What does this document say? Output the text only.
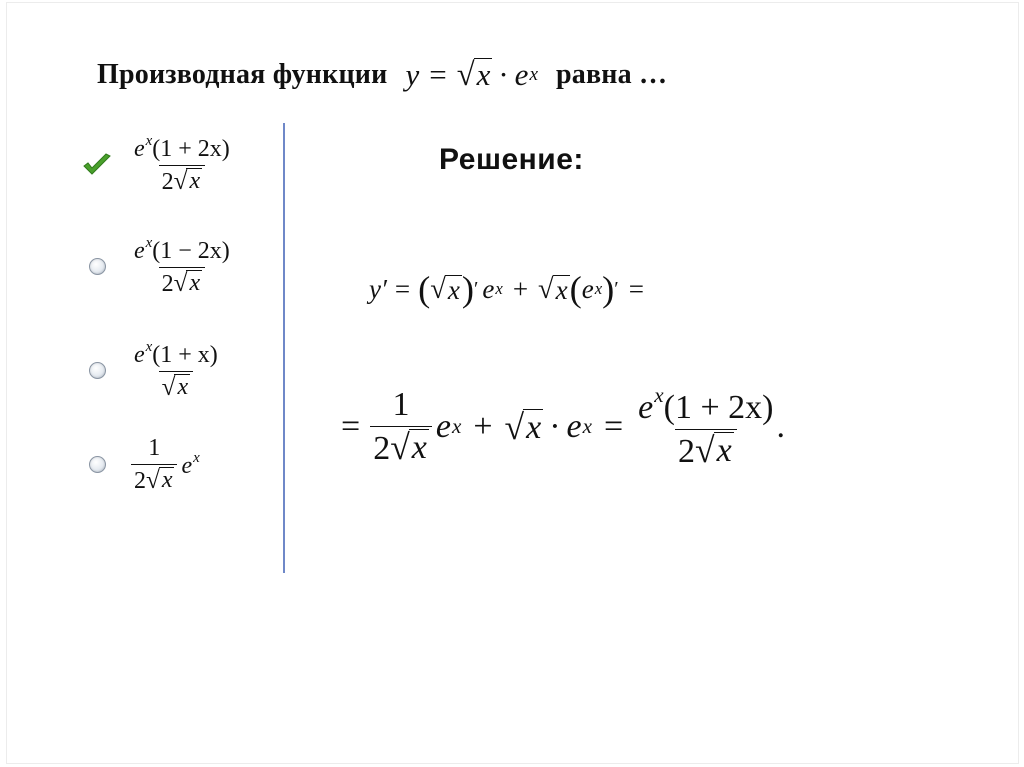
Производная функции y = √ x · e x равна …
$\frac{e^x(1 + 2x)}{2 √ x}$
$\frac{e^x(1 - 2x)}{2 √ x}$
$\frac{e^x(1 + x)}{√ x}$
$\frac{1}{2 √ x} e^x$
Решение:
y′ = ( √ x ) ′ e x + √ x ( e x ) ′ =
= $\frac{1}{2 √ x}$ e x + √ x · e $x = \frac{e^x(1 + 2x)}{2 √ x}$ .
